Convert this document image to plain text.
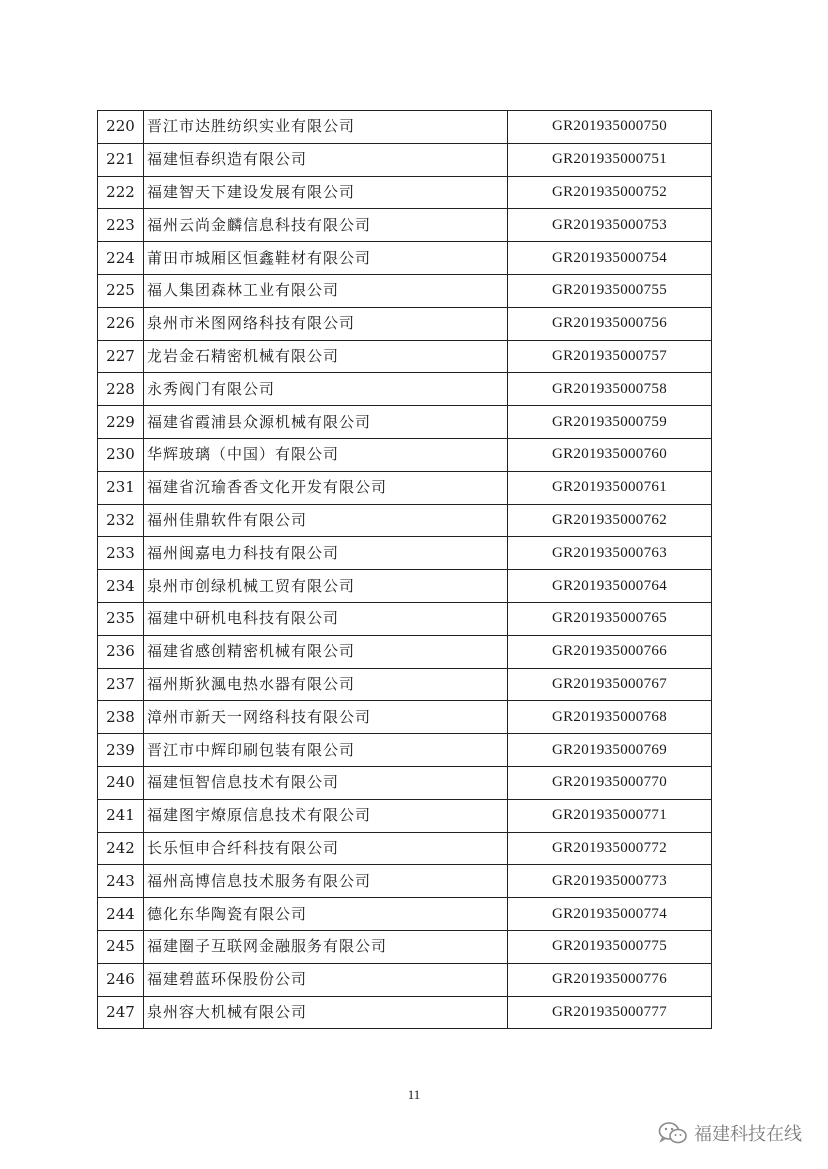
220	晋江市达胜纺织实业有限公司	GR201935000750
221	福建恒春织造有限公司	GR201935000751
222	福建智天下建设发展有限公司	GR201935000752
223	福州云尚金麟信息科技有限公司	GR201935000753
224	莆田市城厢区恒鑫鞋材有限公司	GR201935000754
225	福人集团森林工业有限公司	GR201935000755
226	泉州市米图网络科技有限公司	GR201935000756
227	龙岩金石精密机械有限公司	GR201935000757
228	永秀阀门有限公司	GR201935000758
229	福建省霞浦县众源机械有限公司	GR201935000759
230	华辉玻璃（中国）有限公司	GR201935000760
231	福建省沉瑜香香文化开发有限公司	GR201935000761
232	福州佳鼎软件有限公司	GR201935000762
233	福州闽嘉电力科技有限公司	GR201935000763
234	泉州市创绿机械工贸有限公司	GR201935000764
235	福建中研机电科技有限公司	GR201935000765
236	福建省感创精密机械有限公司	GR201935000766
237	福州斯狄渢电热水器有限公司	GR201935000767
238	漳州市新天一网络科技有限公司	GR201935000768
239	晋江市中辉印刷包装有限公司	GR201935000769
240	福建恒智信息技术有限公司	GR201935000770
241	福建图宇燎原信息技术有限公司	GR201935000771
242	长乐恒申合纤科技有限公司	GR201935000772
243	福州高博信息技术服务有限公司	GR201935000773
244	德化东华陶瓷有限公司	GR201935000774
245	福建圈子互联网金融服务有限公司	GR201935000775
246	福建碧蓝环保股份公司	GR201935000776
247	泉州容大机械有限公司	GR201935000777
11
福建科技在线
